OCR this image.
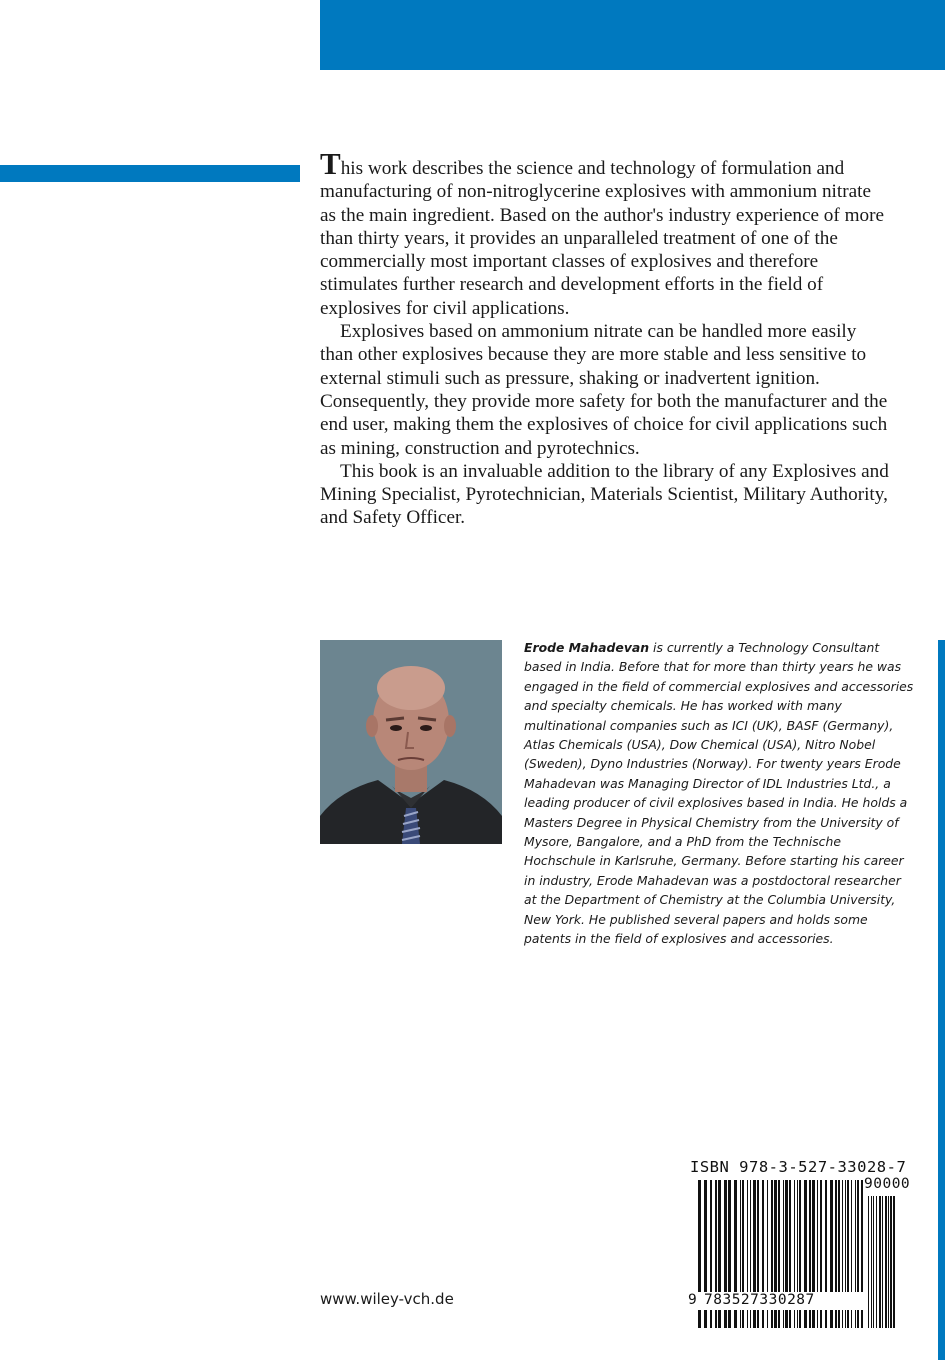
This work describes the science and technology of formulation and manufacturing of non-nitroglycerine explosives with ammonium nitrate as the main ingredient. Based on the author's industry experience of more than thirty years, it provides an unparalleled treatment of one of the commercially most important classes of explosives and therefore stimulates further research and development efforts in the field of explosives for civil applications.

Explosives based on ammonium nitrate can be handled more easily than other explosives because they are more stable and less sensitive to external stimuli such as pressure, shaking or inadvertent ignition. Consequently, they provide more safety for both the manufacturer and the end user, making them the explosives of choice for civil applications such as mining, construction and pyrotechnics.

This book is an invaluable addition to the library of any Explosives and Mining Specialist, Pyrotechnician, Materials Scientist, Military Authority, and Safety Officer.

Erode Mahadevan is currently a Technology Consultant based in India. Before that for more than thirty years he was engaged in the field of commercial explosives and accessories and specialty chemicals. He has worked with many multinational companies such as ICI (UK), BASF (Germany), Atlas Chemicals (USA), Dow Chemical (USA), Nitro Nobel (Sweden), Dyno Industries (Norway). For twenty years Erode Mahadevan was Managing Director of IDL Industries Ltd., a leading producer of civil explosives based in India. He holds a Masters Degree in Physical Chemistry from the University of Mysore, Bangalore, and a PhD from the Technische Hochschule in Karlsruhe, Germany. Before starting his career in industry, Erode Mahadevan was a postdoctoral researcher at the Department of Chemistry at the Columbia University, New York. He published several papers and holds some patents in the field of explosives and accessories.
www.wiley-vch.de
ISBN 978-3-527-33028-7
90000
9 783527330287
